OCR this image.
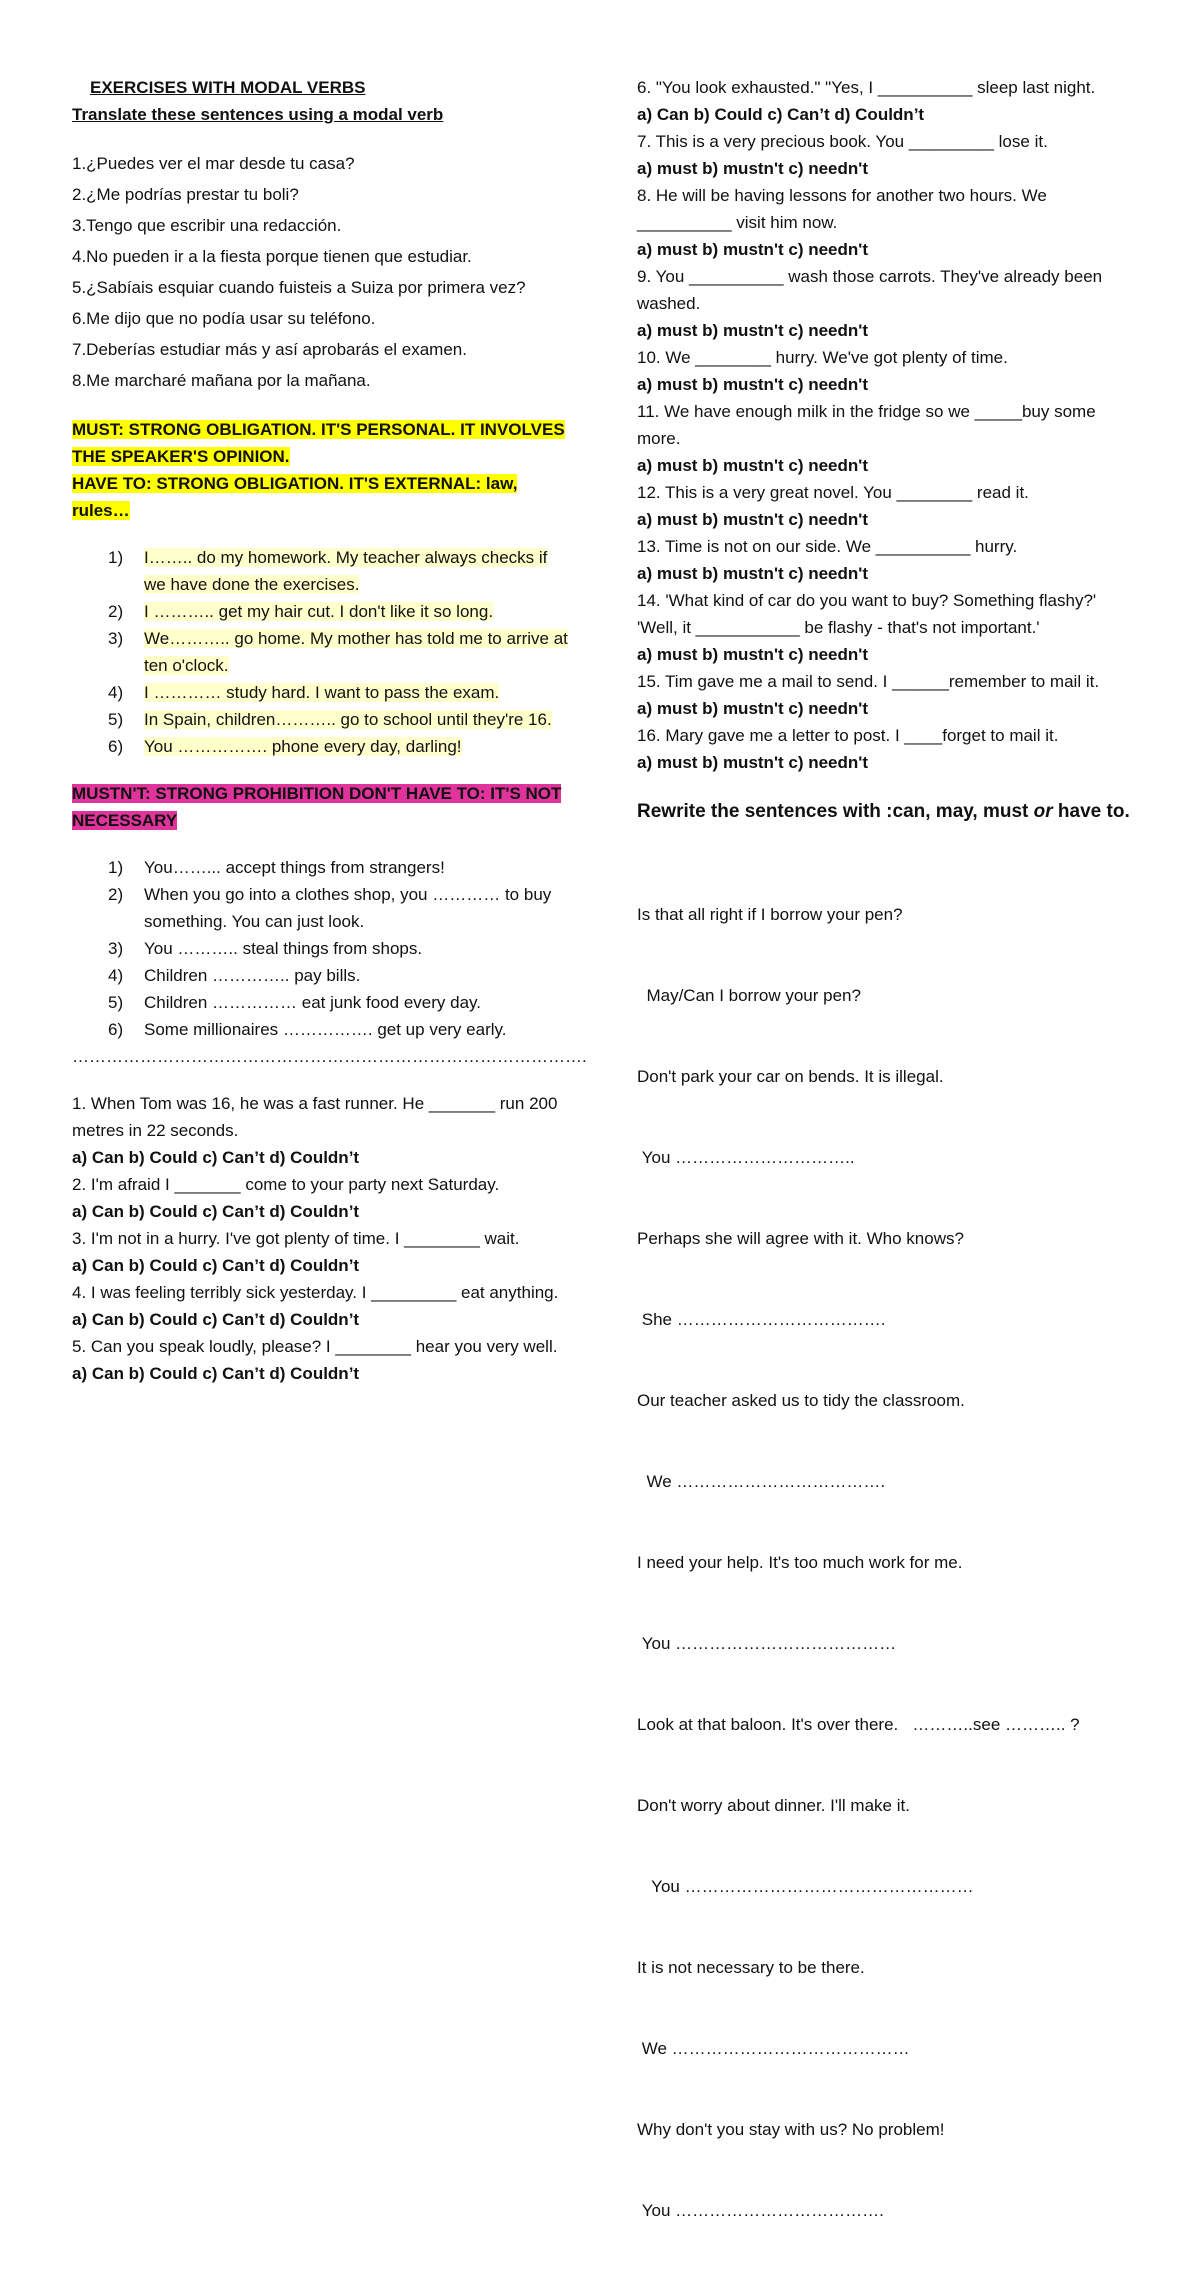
EXERCISES WITH MODAL VERBS
Translate these sentences using a modal verb
1.¿Puedes ver el mar desde tu casa?
2.¿Me podrías prestar tu boli?
3.Tengo que escribir una redacción.
4.No pueden ir a la fiesta porque tienen que estudiar.
5.¿Sabíais esquiar cuando fuisteis a Suiza por primera vez?
6.Me dijo que no podía usar su teléfono.
7.Deberías estudiar más y así aprobarás el examen.
8.Me marcharé mañana por la mañana.
MUST: STRONG OBLIGATION. IT'S PERSONAL. IT INVOLVES THE SPEAKER'S OPINION.
HAVE TO: STRONG OBLIGATION. IT'S EXTERNAL: law, rules…
1)	I…….. do my homework. My teacher always checks if we have done the exercises.
2)	I ……….. get my hair cut. I don't like it so long.
3)	We……….. go home. My mother has told me to arrive at ten o'clock.
4)	I ………… study hard. I want to pass the exam.
5)	In Spain, children……….. go to school until they're 16.
6)	You ……………. phone every day, darling!
MUSTN'T: STRONG PROHIBITION DON'T HAVE TO: IT'S NOT NECESSARY
1)	You……... accept things from strangers!
2)	When you go into a clothes shop, you ………… to buy something. You can just look.
3)	You ……….. steal things from shops.
4)	Children ………….. pay bills.
5)	Children …………… eat junk food every day.
6)	Some millionaires ……………. get up very early.
……………………………………………………………………………….
1. When Tom was 16, he was a fast runner. He _______ run 200 metres in 22 seconds.
a) Can b) Could c) Can’t d) Couldn’t
2. I'm afraid I _______ come to your party next Saturday.
a) Can b) Could c) Can’t d) Couldn’t
3. I'm not in a hurry. I've got plenty of time. I ________ wait.
a) Can b) Could c) Can’t d) Couldn’t
4. I was feeling terribly sick yesterday. I _________ eat anything.
a) Can b) Could c) Can’t d) Couldn’t
5. Can you speak loudly, please? I ________ hear you very well.
a) Can b) Could c) Can’t d) Couldn’t
6. "You look exhausted." "Yes, I __________ sleep last night.
a) Can b) Could c) Can’t d) Couldn’t
7. This is a very precious book. You _________ lose it.
a) must b) mustn't c) needn't
8. He will be having lessons for another two hours. We __________ visit him now.
a) must b) mustn't c) needn't
9. You __________ wash those carrots. They've already been washed.
a) must b) mustn't c) needn't
10. We ________ hurry. We've got plenty of time.
a) must b) mustn't c) needn't
11. We have enough milk in the fridge so we _____buy some more.
a) must b) mustn't c) needn't
12. This is a very great novel. You ________ read it.
a) must b) mustn't c) needn't
13. Time is not on our side. We __________ hurry.
a) must b) mustn't c) needn't
14. 'What kind of car do you want to buy? Something flashy?' 'Well, it ___________ be flashy - that's not important.'
a) must b) mustn't c) needn't
15. Tim gave me a mail to send. I ______remember to mail it.
a) must b) mustn't c) needn't
16. Mary gave me a letter to post. I ____forget to mail it.
a) must b) mustn't c) needn't
Rewrite the sentences with :can, may, must or have to.

Is that all right if I borrow your pen?

May/Can I borrow your pen?

Don't park your car on bends. It is illegal.

You …………………………..

Perhaps she will agree with it. Who knows?

She ……………………………….

Our teacher asked us to tidy the classroom.

We ……………………………….

I need your help. It's too much work for me.

You …………………………………

Look at that baloon. It's over there.   ………..see ……….. ?

Don't worry about dinner. I'll make it.

You ……………………………………………

It is not necessary to be there.

We ……………………………………

Why don't you stay with us? No problem!

You ……………………………….
